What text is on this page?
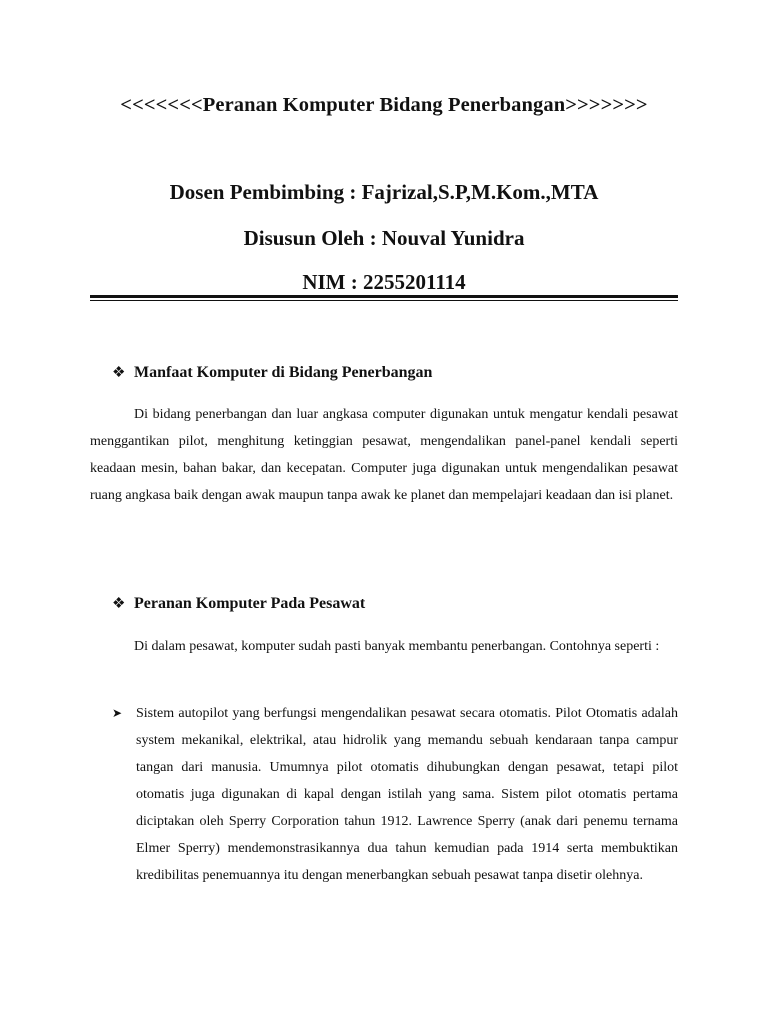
<<<<<<<Peranan Komputer Bidang Penerbangan>>>>>>>
Dosen Pembimbing : Fajrizal,S.P,M.Kom.,MTA
Disusun Oleh : Nouval Yunidra
NIM : 2255201114
❖ Manfaat Komputer di Bidang Penerbangan
Di bidang penerbangan dan luar angkasa computer digunakan untuk mengatur kendali pesawat menggantikan pilot, menghitung ketinggian pesawat, mengendalikan panel-panel kendali seperti keadaan mesin, bahan bakar, dan kecepatan. Computer juga digunakan untuk mengendalikan pesawat ruang angkasa baik dengan awak maupun tanpa awak ke planet dan mempelajari keadaan dan isi planet.
❖ Peranan Komputer Pada Pesawat
Di dalam pesawat, komputer sudah pasti banyak membantu penerbangan. Contohnya seperti :
➤ Sistem autopilot yang berfungsi mengendalikan pesawat secara otomatis. Pilot Otomatis adalah system mekanikal, elektrikal, atau hidrolik yang memandu sebuah kendaraan tanpa campur tangan dari manusia. Umumnya pilot otomatis dihubungkan dengan pesawat, tetapi pilot otomatis juga digunakan di kapal dengan istilah yang sama. Sistem pilot otomatis pertama diciptakan oleh Sperry Corporation tahun 1912. Lawrence Sperry (anak dari penemu ternama Elmer Sperry) mendemonstrasikannya dua tahun kemudian pada 1914 serta membuktikan kredibilitas penemuannya itu dengan menerbangkan sebuah pesawat tanpa disetir olehnya.
